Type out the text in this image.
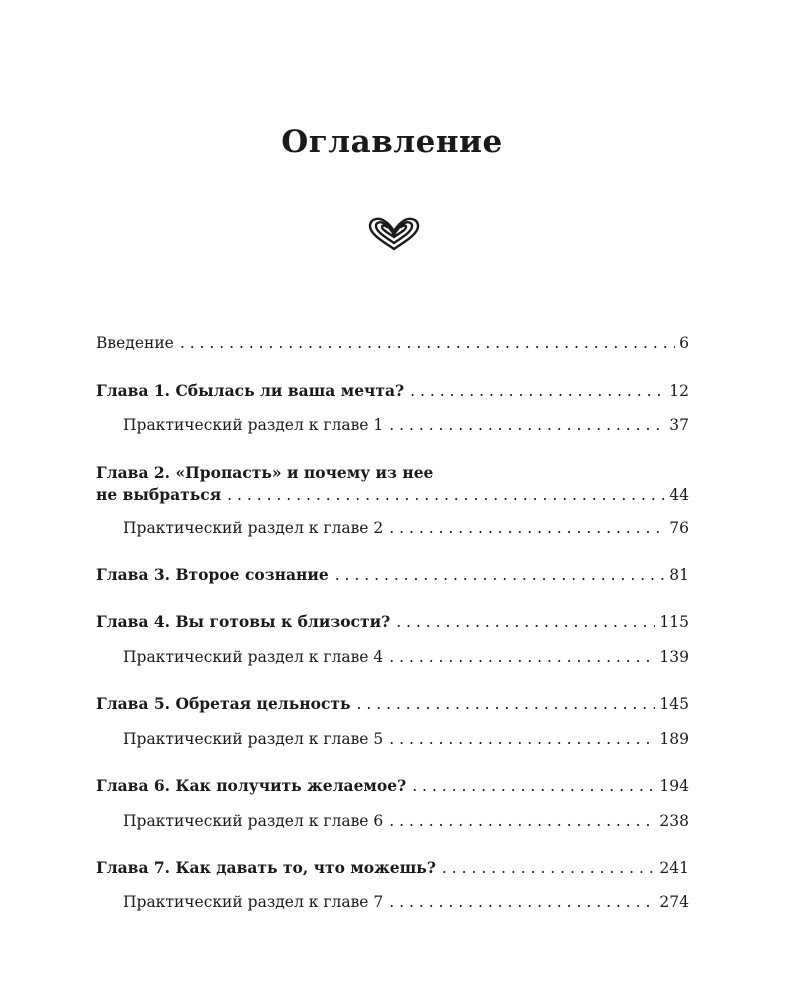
Оглавление
Введение . . .	6
Глава 1. Сбылась ли ваша мечта? . . .	12
Практический раздел к главе 1 . . .	37
Глава 2. «Пропасть» и почему из нее
не выбраться . . .	44
Практический раздел к главе 2 . . .	76
Глава 3. Второе сознание . . .	81
Глава 4. Вы готовы к близости? . . .	115
Практический раздел к главе 4 . . .	139
Глава 5. Обретая цельность . . .	145
Практический раздел к главе 5 . . .	189
Глава 6. Как получить желаемое? . . .	194
Практический раздел к главе 6 . . .	238
Глава 7. Как давать то, что можешь? . . .	241
Практический раздел к главе 7 . . .	274
